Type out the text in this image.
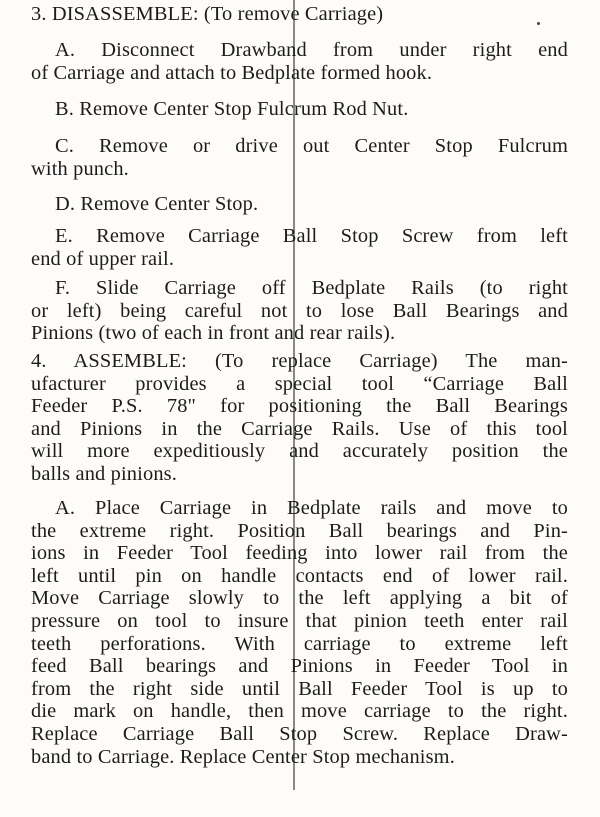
3. DISASSEMBLE: (To remove Carriage)
A. Disconnect Drawband from under right end
of Carriage and attach to Bedplate formed hook.
B. Remove Center Stop Fulcrum Rod Nut.
C. Remove or drive out Center Stop Fulcrum
with punch.
D. Remove Center Stop.
E. Remove Carriage Ball Stop Screw from left
end of upper rail.
F. Slide Carriage off Bedplate Rails (to right
or left) being careful not to lose Ball Bearings and
Pinions (two of each in front and rear rails).
4. ASSEMBLE: (To replace Carriage) The man-
ufacturer provides a special tool “Carriage Ball
Feeder P.S. 78" for positioning the Ball Bearings
and Pinions in the Carriage Rails. Use of this tool
will more expeditiously and accurately position the
balls and pinions.
A. Place Carriage in Bedplate rails and move to
the extreme right. Position Ball bearings and Pin-
ions in Feeder Tool feeding into lower rail from the
left until pin on handle contacts end of lower rail.
Move Carriage slowly to the left applying a bit of
pressure on tool to insure that pinion teeth enter rail
teeth perforations. With carriage to extreme left
feed Ball bearings and Pinions in Feeder Tool in
from the right side until Ball Feeder Tool is up to
die mark on handle, then move carriage to the right.
Replace Carriage Ball Stop Screw. Replace Draw-
band to Carriage. Replace Center Stop mechanism.
